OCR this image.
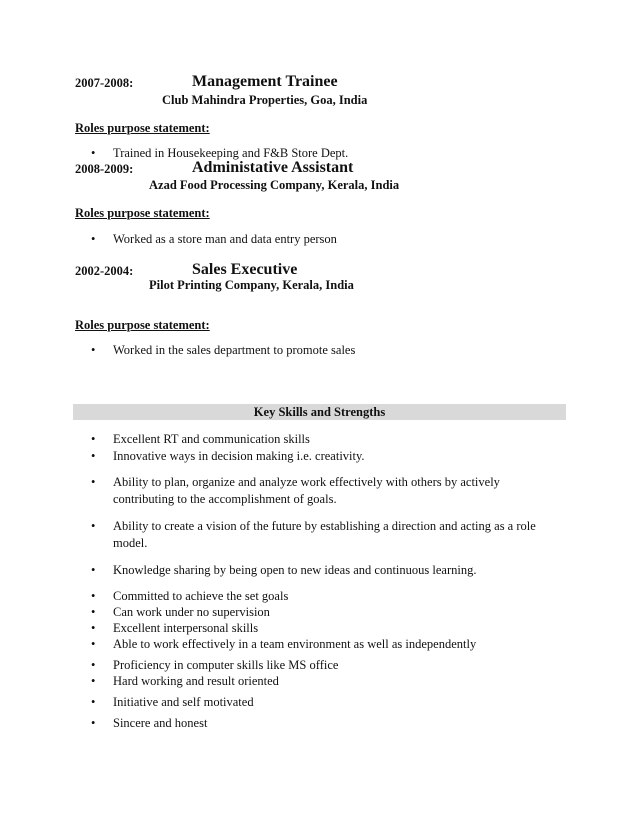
2007-2008:	Management Trainee
Club Mahindra Properties, Goa, India
Roles purpose statement:
• Trained in Housekeeping and F&B Store Dept.
2008-2009:	Administative Assistant
Azad Food Processing Company, Kerala, India
Roles purpose statement:
• Worked as a store man and data entry person
2002-2004:	Sales Executive
Pilot Printing Company, Kerala, India
Roles purpose statement:
• Worked in the sales department to promote sales
Key Skills and Strengths
• Excellent RT and communication skills
• Innovative ways in decision making i.e. creativity.
• Ability to plan, organize and analyze work effectively with others by actively contributing to the accomplishment of goals.
• Ability to create a vision of the future by establishing a direction and acting as a role model.
• Knowledge sharing by being open to new ideas and continuous learning.
• Committed to achieve the set goals
• Can work under no supervision
• Excellent interpersonal skills
• Able to work effectively in a team environment as well as independently
• Proficiency in computer skills like MS office
• Hard working and result oriented
• Initiative and self motivated
• Sincere and honest
